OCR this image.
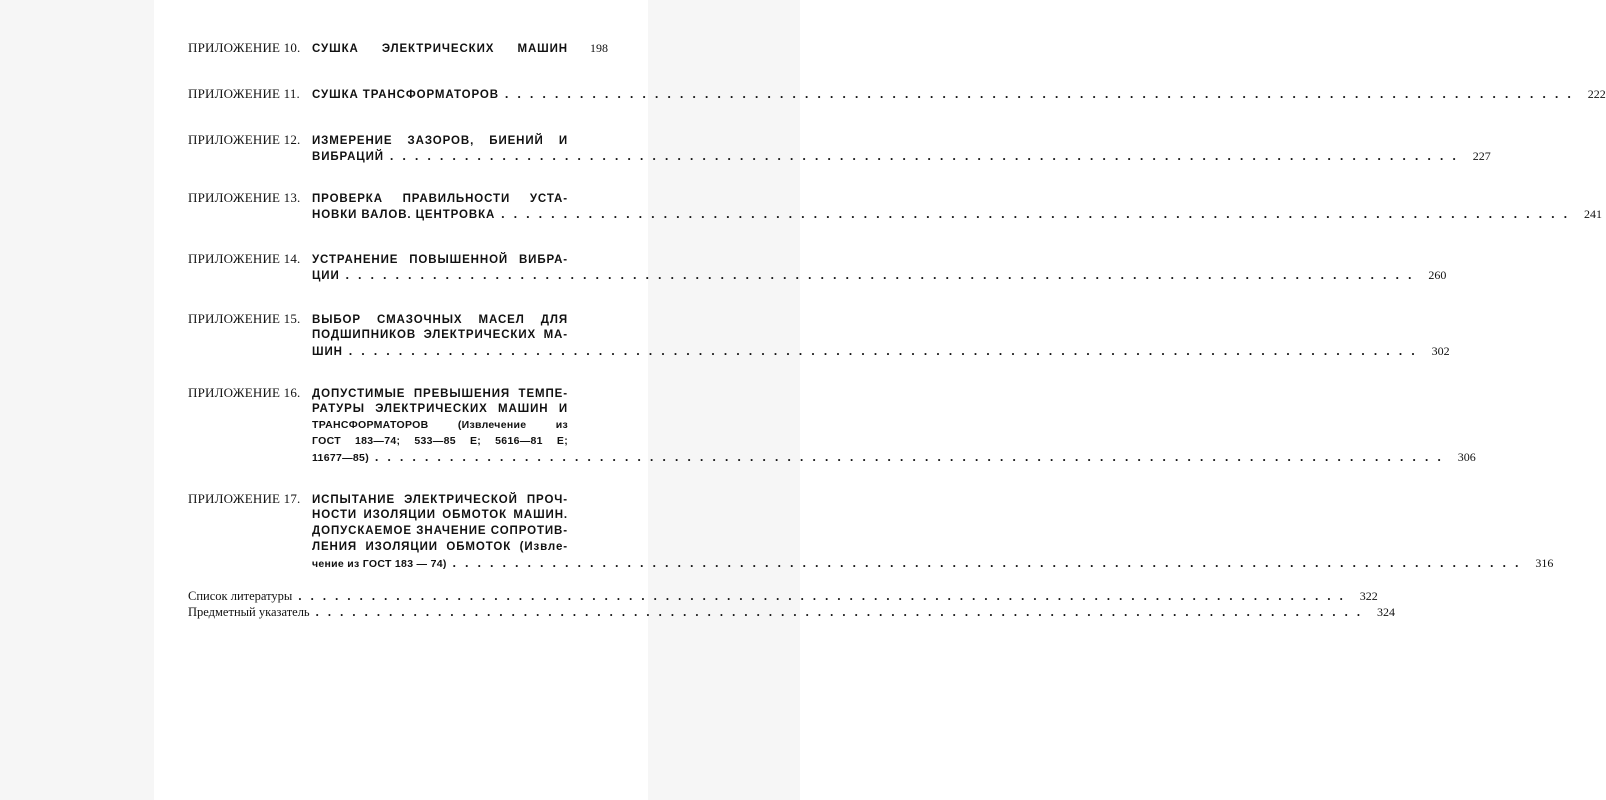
ПРИЛОЖЕНИЕ 10.	СУШКА ЭЛЕКТРИЧЕСКИХ МАШИН	198
ПРИЛОЖЕНИЕ 11.	СУШКА ТРАНСФОРМАТОРОВ . . .	222
ПРИЛОЖЕНИЕ 12.	ИЗМЕРЕНИЕ ЗАЗОРОВ, БИЕНИЙ И
ВИБРАЦИЙ . . .	227
ПРИЛОЖЕНИЕ 13.	ПРОВЕРКА ПРАВИЛЬНОСТИ УСТА-
НОВКИ ВАЛОВ. ЦЕНТРОВКА . . .	241
ПРИЛОЖЕНИЕ 14.	УСТРАНЕНИЕ ПОВЫШЕННОЙ ВИБРА-
ЦИИ . . .	260
ПРИЛОЖЕНИЕ 15.	ВЫБОР СМАЗОЧНЫХ МАСЕЛ ДЛЯ
ПОДШИПНИКОВ ЭЛЕКТРИЧЕСКИХ МА-
ШИН . . .	302
ПРИЛОЖЕНИЕ 16.	ДОПУСТИМЫЕ ПРЕВЫШЕНИЯ ТЕМПЕ-
РАТУРЫ ЭЛЕКТРИЧЕСКИХ МАШИН И
ТРАНСФОРМАТОРОВ (Извлечение из
ГОСТ 183—74; 533—85 Е; 5616—81 Е;
11677—85) . . .	306
ПРИЛОЖЕНИЕ 17.	ИСПЫТАНИЕ ЭЛЕКТРИЧЕСКОЙ ПРОЧ-
НОСТИ ИЗОЛЯЦИИ ОБМОТОК МАШИН.
ДОПУСКАЕМОЕ ЗНАЧЕНИЕ СОПРОТИВ-
ЛЕНИЯ ИЗОЛЯЦИИ ОБМОТОК (Извле-
чение из ГОСТ 183 — 74) . . .	316
Список литературы . . .	322
Предметный указатель . . .	324
